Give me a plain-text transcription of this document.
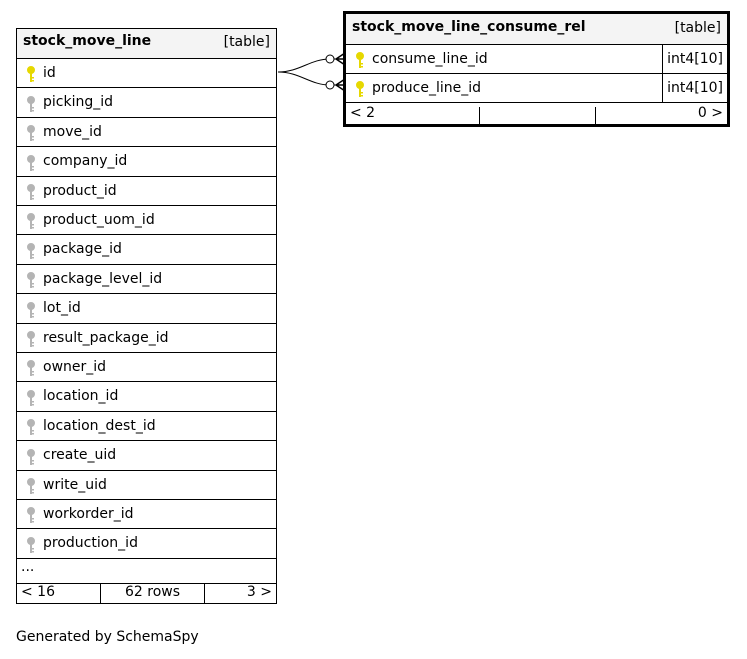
stock_move_line	[table]
id
picking_id
move_id
company_id
product_id
product_uom_id
package_id
package_level_id
lot_id
result_package_id
owner_id
location_id
location_dest_id
create_uid
write_uid
workorder_id
production_id
...
< 16	62 rows	3 >
stock_move_line_consume_rel	[table]
consume_line_id	int4[10]
produce_line_id	int4[10]
< 2	0 >
Generated by SchemaSpy
